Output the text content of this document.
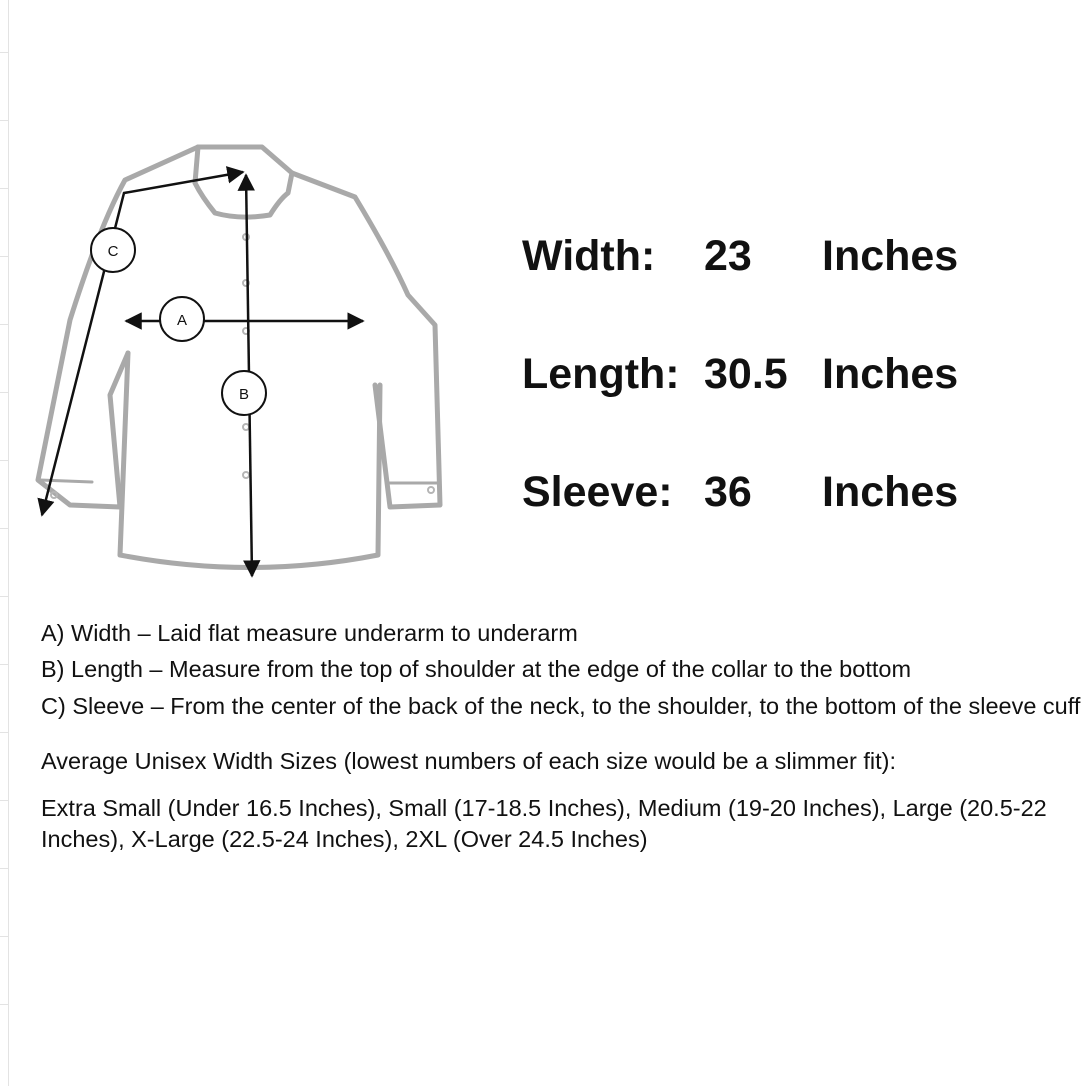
A
B
C	Width: 23 Inches
Length: 30.5 Inches
Sleeve: 36 Inches

A) Width – Laid flat measure underarm to underarm

B) Length – Measure from the top of shoulder at the edge of the collar to the bottom

C) Sleeve – From the center of the back of the neck, to the shoulder, to the bottom of the sleeve cuff

Average Unisex Width Sizes (lowest numbers of each size would be a slimmer fit):

Extra Small (Under 16.5 Inches), Small (17-18.5 Inches), Medium (19-20 Inches), Large (20.5-22 Inches), X-Large (22.5-24 Inches), 2XL (Over 24.5 Inches)
